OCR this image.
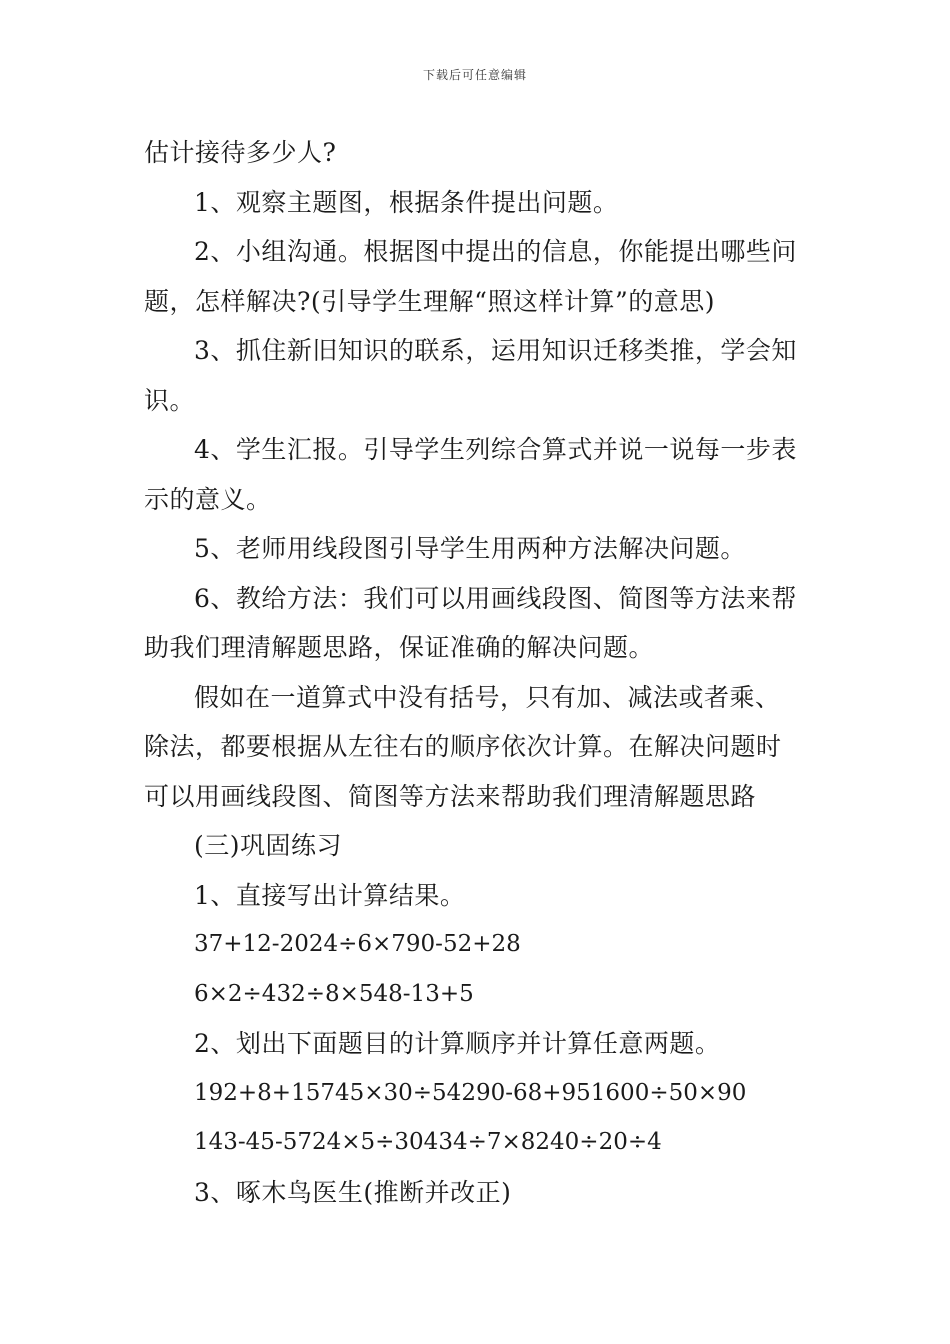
下载后可任意编辑
估计接待多少人?
1、观察主题图，根据条件提出问题。
2、小组沟通。根据图中提出的信息，你能提出哪些问
题，怎样解决?(引导学生理解“照这样计算”的意思)
3、抓住新旧知识的联系，运用知识迁移类推，学会知
识。
4、学生汇报。引导学生列综合算式并说一说每一步表
示的意义。
5、老师用线段图引导学生用两种方法解决问题。
6、教给方法：我们可以用画线段图、简图等方法来帮
助我们理清解题思路，保证准确的解决问题。
假如在一道算式中没有括号，只有加、减法或者乘、
除法，都要根据从左往右的顺序依次计算。在解决问题时
可以用画线段图、简图等方法来帮助我们理清解题思路
(三)巩固练习
1、直接写出计算结果。
37+12-2024÷6×790-52+28
6×2÷432÷8×548-13+5
2、划出下面题目的计算顺序并计算任意两题。
192+8+15745×30÷54290-68+951600÷50×90
143-45-5724×5÷30434÷7×8240÷20÷4
3、啄木鸟医生(推断并改正)
